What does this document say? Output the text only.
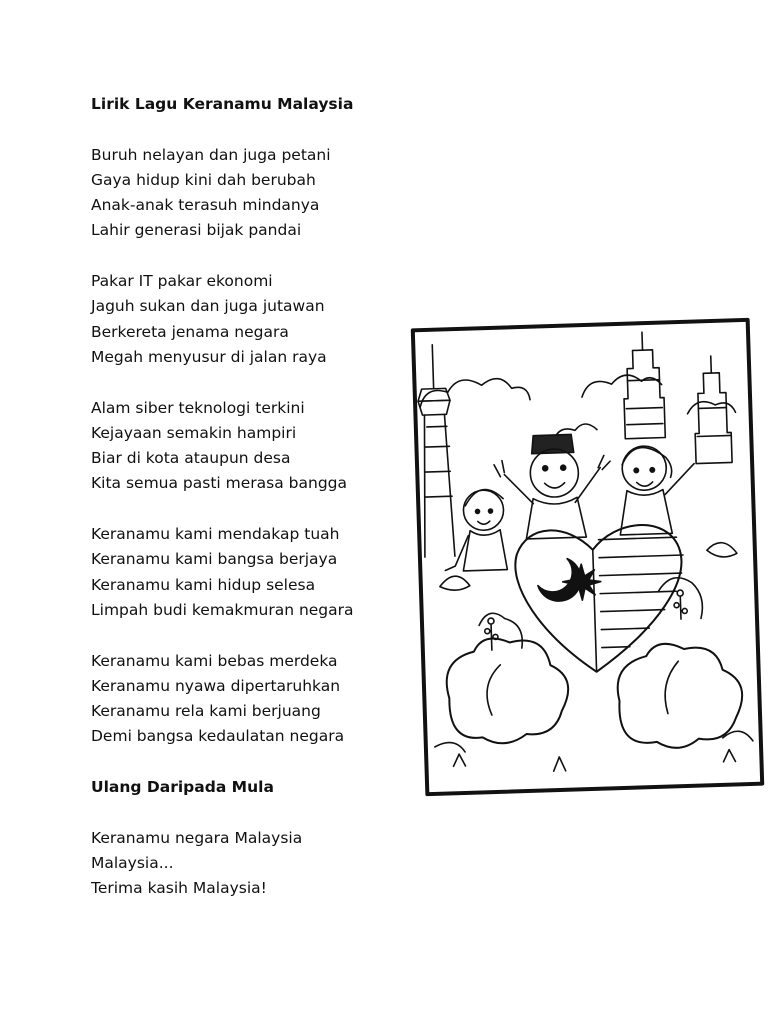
Lirik Lagu Keranamu Malaysia
Buruh nelayan dan juga petani
Gaya hidup kini dah berubah
Anak-anak terasuh mindanya
Lahir generasi bijak pandai
Pakar IT pakar ekonomi
Jaguh sukan dan juga jutawan
Berkereta jenama negara
Megah menyusur di jalan raya
Alam siber teknologi terkini
Kejayaan semakin hampiri
Biar di kota ataupun desa
Kita semua pasti merasa bangga
Keranamu kami mendakap tuah
Keranamu kami bangsa berjaya
Keranamu kami hidup selesa
Limpah budi kemakmuran negara
Keranamu kami bebas merdeka
Keranamu nyawa dipertaruhkan
Keranamu rela kami berjuang
Demi bangsa kedaulatan negara
Ulang Daripada Mula
Keranamu negara Malaysia
Malaysia...
Terima kasih Malaysia!
